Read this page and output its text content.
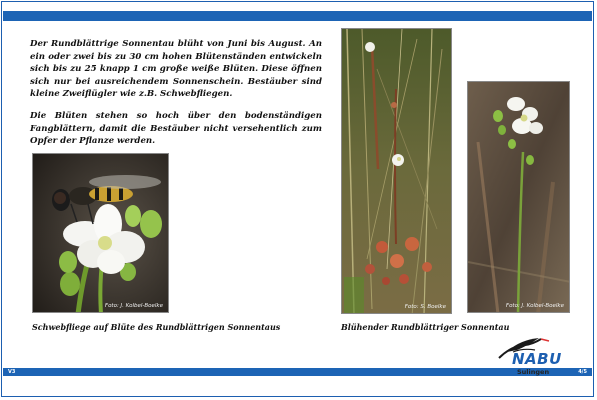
Der Rundblättrige Sonnentau blüht von Juni bis August. An ein oder zwei bis zu 30 cm hohen Blütenständen entwickeln sich bis zu 25 knapp 1 cm große weiße Blüten. Diese öffnen sich nur bei ausreichendem Sonnenschein. Bestäuber sind kleine Zweiflügler wie z.B. Schwebfliegen.

Die Blüten stehen so hoch über den bodenständigen Fangblättern, damit die Bestäuber nicht versehentlich zum Opfer der Pflanze werden.

Foto: J. Kolbel-Boelke	Foto: S. Boelke	Foto: J. Kolbel-Boelke

Schwebfliege auf Blüte des Rundblättrigen Sonnentaus	Blühender Rundblättriger Sonnentau

V3	4/5
NABU
Sulingen
